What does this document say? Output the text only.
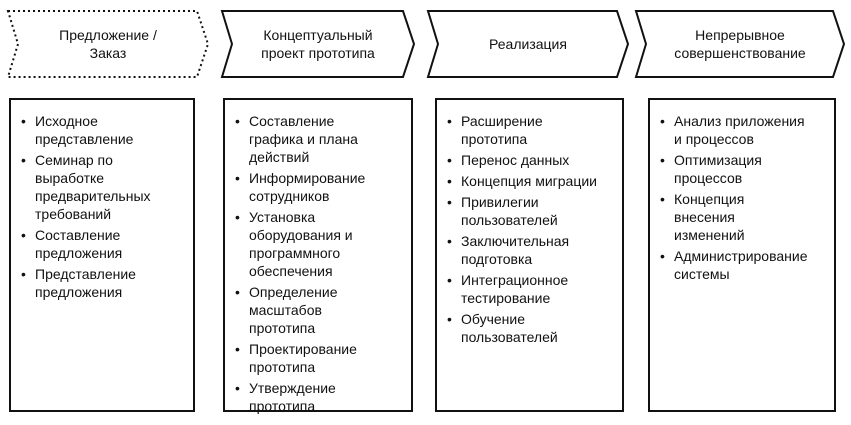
Предложение /
Заказ
Концептуальный
проект прототипа
Реализация
Непрерывное
совершенствование
• Исходное
представление
• Семинар по
выработке
предварительных
требований
• Составление
предложения
• Представление
предложения
• Составление
графика и плана
действий
• Информирование
сотрудников
• Установка
оборудования и
программного
обеспечения
• Определение
масштабов
прототипа
• Проектирование
прототипа
• Утверждение
прототипа
• Расширение
прототипа
• Перенос данных
• Концепция миграции
• Привилегии
пользователей
• Заключительная
подготовка
• Интеграционное
тестирование
• Обучение
пользователей
• Анализ приложения
и процессов
• Оптимизация
процессов
• Концепция
внесения
изменений
• Администрирование
системы
